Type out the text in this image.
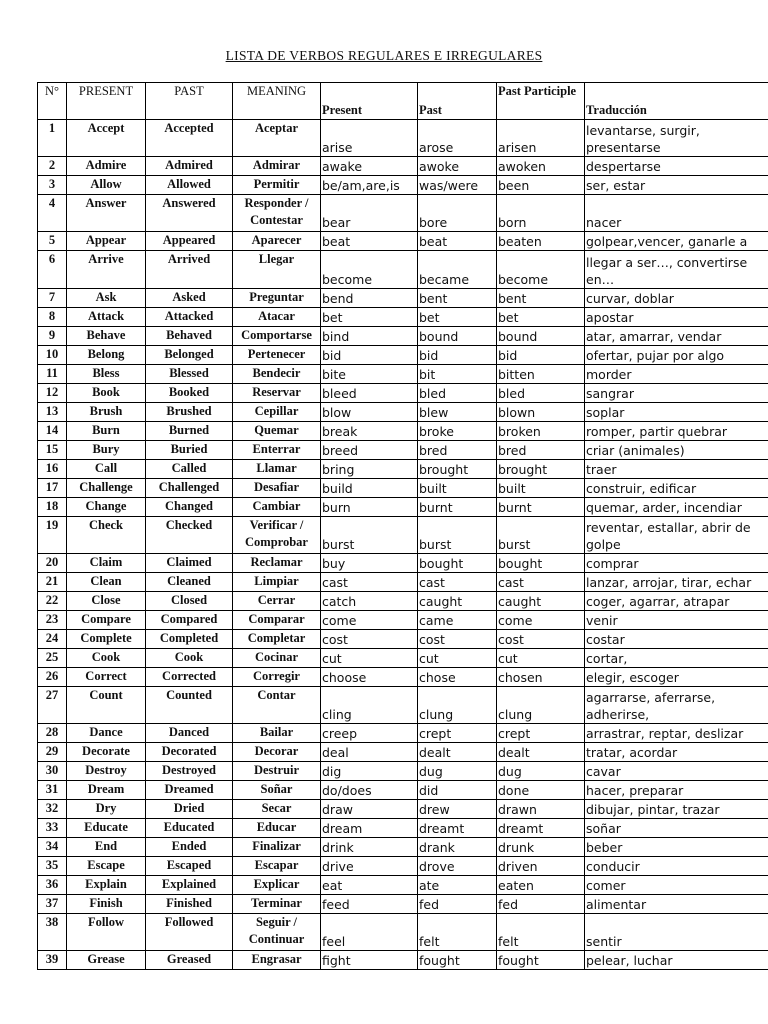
LISTA DE VERBOS REGULARES E IRREGULARES
N°	PRESENT	PAST	MEANING	Present	Past	Past Participle	Traducción
1	Accept	Accepted	Aceptar	arise	arose	arisen	levantarse, surgir, presentarse
2	Admire	Admired	Admirar	awake	awoke	awoken	despertarse
3	Allow	Allowed	Permitir	be/am,are,is	was/were	been	ser, estar
4	Answer	Answered	Responder / Contestar	bear	bore	born	nacer
5	Appear	Appeared	Aparecer	beat	beat	beaten	golpear,vencer, ganarle a
6	Arrive	Arrived	Llegar	become	became	become	llegar a ser…, convertirse en…
7	Ask	Asked	Preguntar	bend	bent	bent	curvar, doblar
8	Attack	Attacked	Atacar	bet	bet	bet	apostar
9	Behave	Behaved	Comportarse	bind	bound	bound	atar, amarrar, vendar
10	Belong	Belonged	Pertenecer	bid	bid	bid	ofertar, pujar por algo
11	Bless	Blessed	Bendecir	bite	bit	bitten	morder
12	Book	Booked	Reservar	bleed	bled	bled	sangrar
13	Brush	Brushed	Cepillar	blow	blew	blown	soplar
14	Burn	Burned	Quemar	break	broke	broken	romper, partir quebrar
15	Bury	Buried	Enterrar	breed	bred	bred	criar (animales)
16	Call	Called	Llamar	bring	brought	brought	traer
17	Challenge	Challenged	Desafiar	build	built	built	construir, edificar
18	Change	Changed	Cambiar	burn	burnt	burnt	quemar, arder, incendiar
19	Check	Checked	Verificar / Comprobar	burst	burst	burst	reventar, estallar, abrir de golpe
20	Claim	Claimed	Reclamar	buy	bought	bought	comprar
21	Clean	Cleaned	Limpiar	cast	cast	cast	lanzar, arrojar, tirar, echar
22	Close	Closed	Cerrar	catch	caught	caught	coger, agarrar, atrapar
23	Compare	Compared	Comparar	come	came	come	venir
24	Complete	Completed	Completar	cost	cost	cost	costar
25	Cook	Cook	Cocinar	cut	cut	cut	cortar,
26	Correct	Corrected	Corregir	choose	chose	chosen	elegir, escoger
27	Count	Counted	Contar	cling	clung	clung	agarrarse, aferrarse, adherirse,
28	Dance	Danced	Bailar	creep	crept	crept	arrastrar, reptar, deslizar
29	Decorate	Decorated	Decorar	deal	dealt	dealt	tratar, acordar
30	Destroy	Destroyed	Destruir	dig	dug	dug	cavar
31	Dream	Dreamed	Soñar	do/does	did	done	hacer, preparar
32	Dry	Dried	Secar	draw	drew	drawn	dibujar, pintar, trazar
33	Educate	Educated	Educar	dream	dreamt	dreamt	soñar
34	End	Ended	Finalizar	drink	drank	drunk	beber
35	Escape	Escaped	Escapar	drive	drove	driven	conducir
36	Explain	Explained	Explicar	eat	ate	eaten	comer
37	Finish	Finished	Terminar	feed	fed	fed	alimentar
38	Follow	Followed	Seguir / Continuar	feel	felt	felt	sentir
39	Grease	Greased	Engrasar	fight	fought	fought	pelear, luchar
